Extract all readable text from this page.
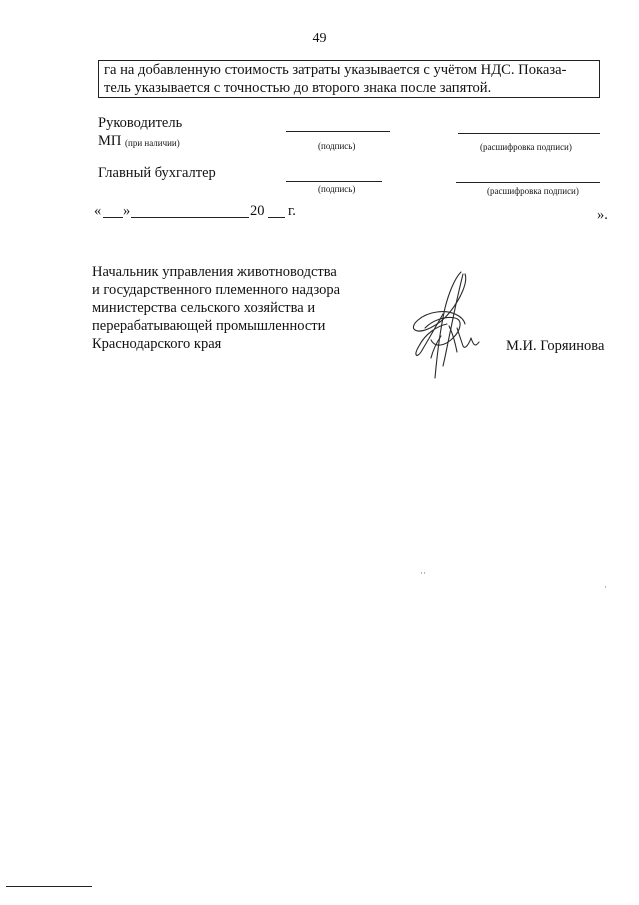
49
га на добавленную стоимость затраты указывается с учётом НДС. Показа-
тель указывается с точностью до второго знака после запятой.
Руководитель
МП (при наличии)	(подпись)	(расшифровка подписи)
Главный бухгалтер
(подпись)	(расшифровка подписи)
« »	20 г.	».
Начальник управления животноводства
и государственного племенного надзора
министерства сельского хозяйства и
перерабатывающей промышленности
Краснодарского края	М.И. Горяинова
··
·
